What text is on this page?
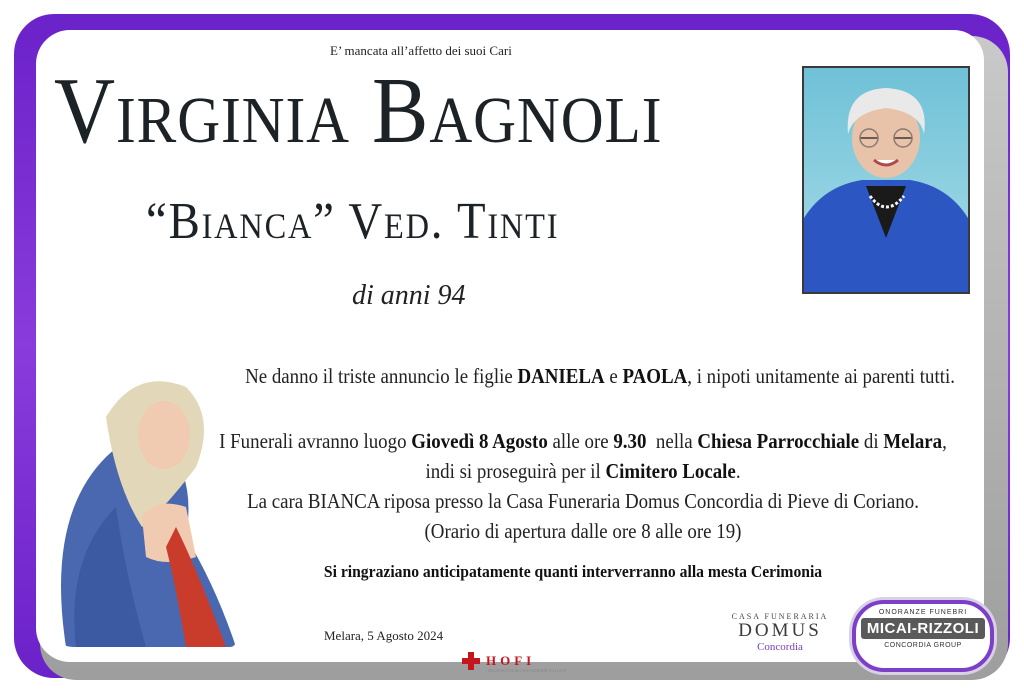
E’ mancata all’affetto dei suoi Cari
Virginia Bagnoli
“Bianca” Ved. Tinti
di anni 94
Ne danno il triste annuncio le figlie DANIELA e PAOLA, i nipoti unitamente ai parenti tutti.
I Funerali avranno luogo Giovedì 8 Agosto alle ore 9.30  nella Chiesa Parrocchiale di Melara,
indi si proseguirà per il Cimitero Locale.
La cara BIANCA riposa presso la Casa Funeraria Domus Concordia di Pieve di Coriano.
(Orario di apertura dalle ore 8 alle ore 19)
Si ringraziano anticipatamente quanti interverranno alla mesta Cerimonia
Melara, 5 Agosto 2024
HOFI
HOLDING ONORANZE FUNEBRI ITALIANE
CASA FUNERARIA
DOMUS
Concordia
ONORANZE FUNEBRI
MICAI-RIZZOLI
CONCORDIA GROUP
